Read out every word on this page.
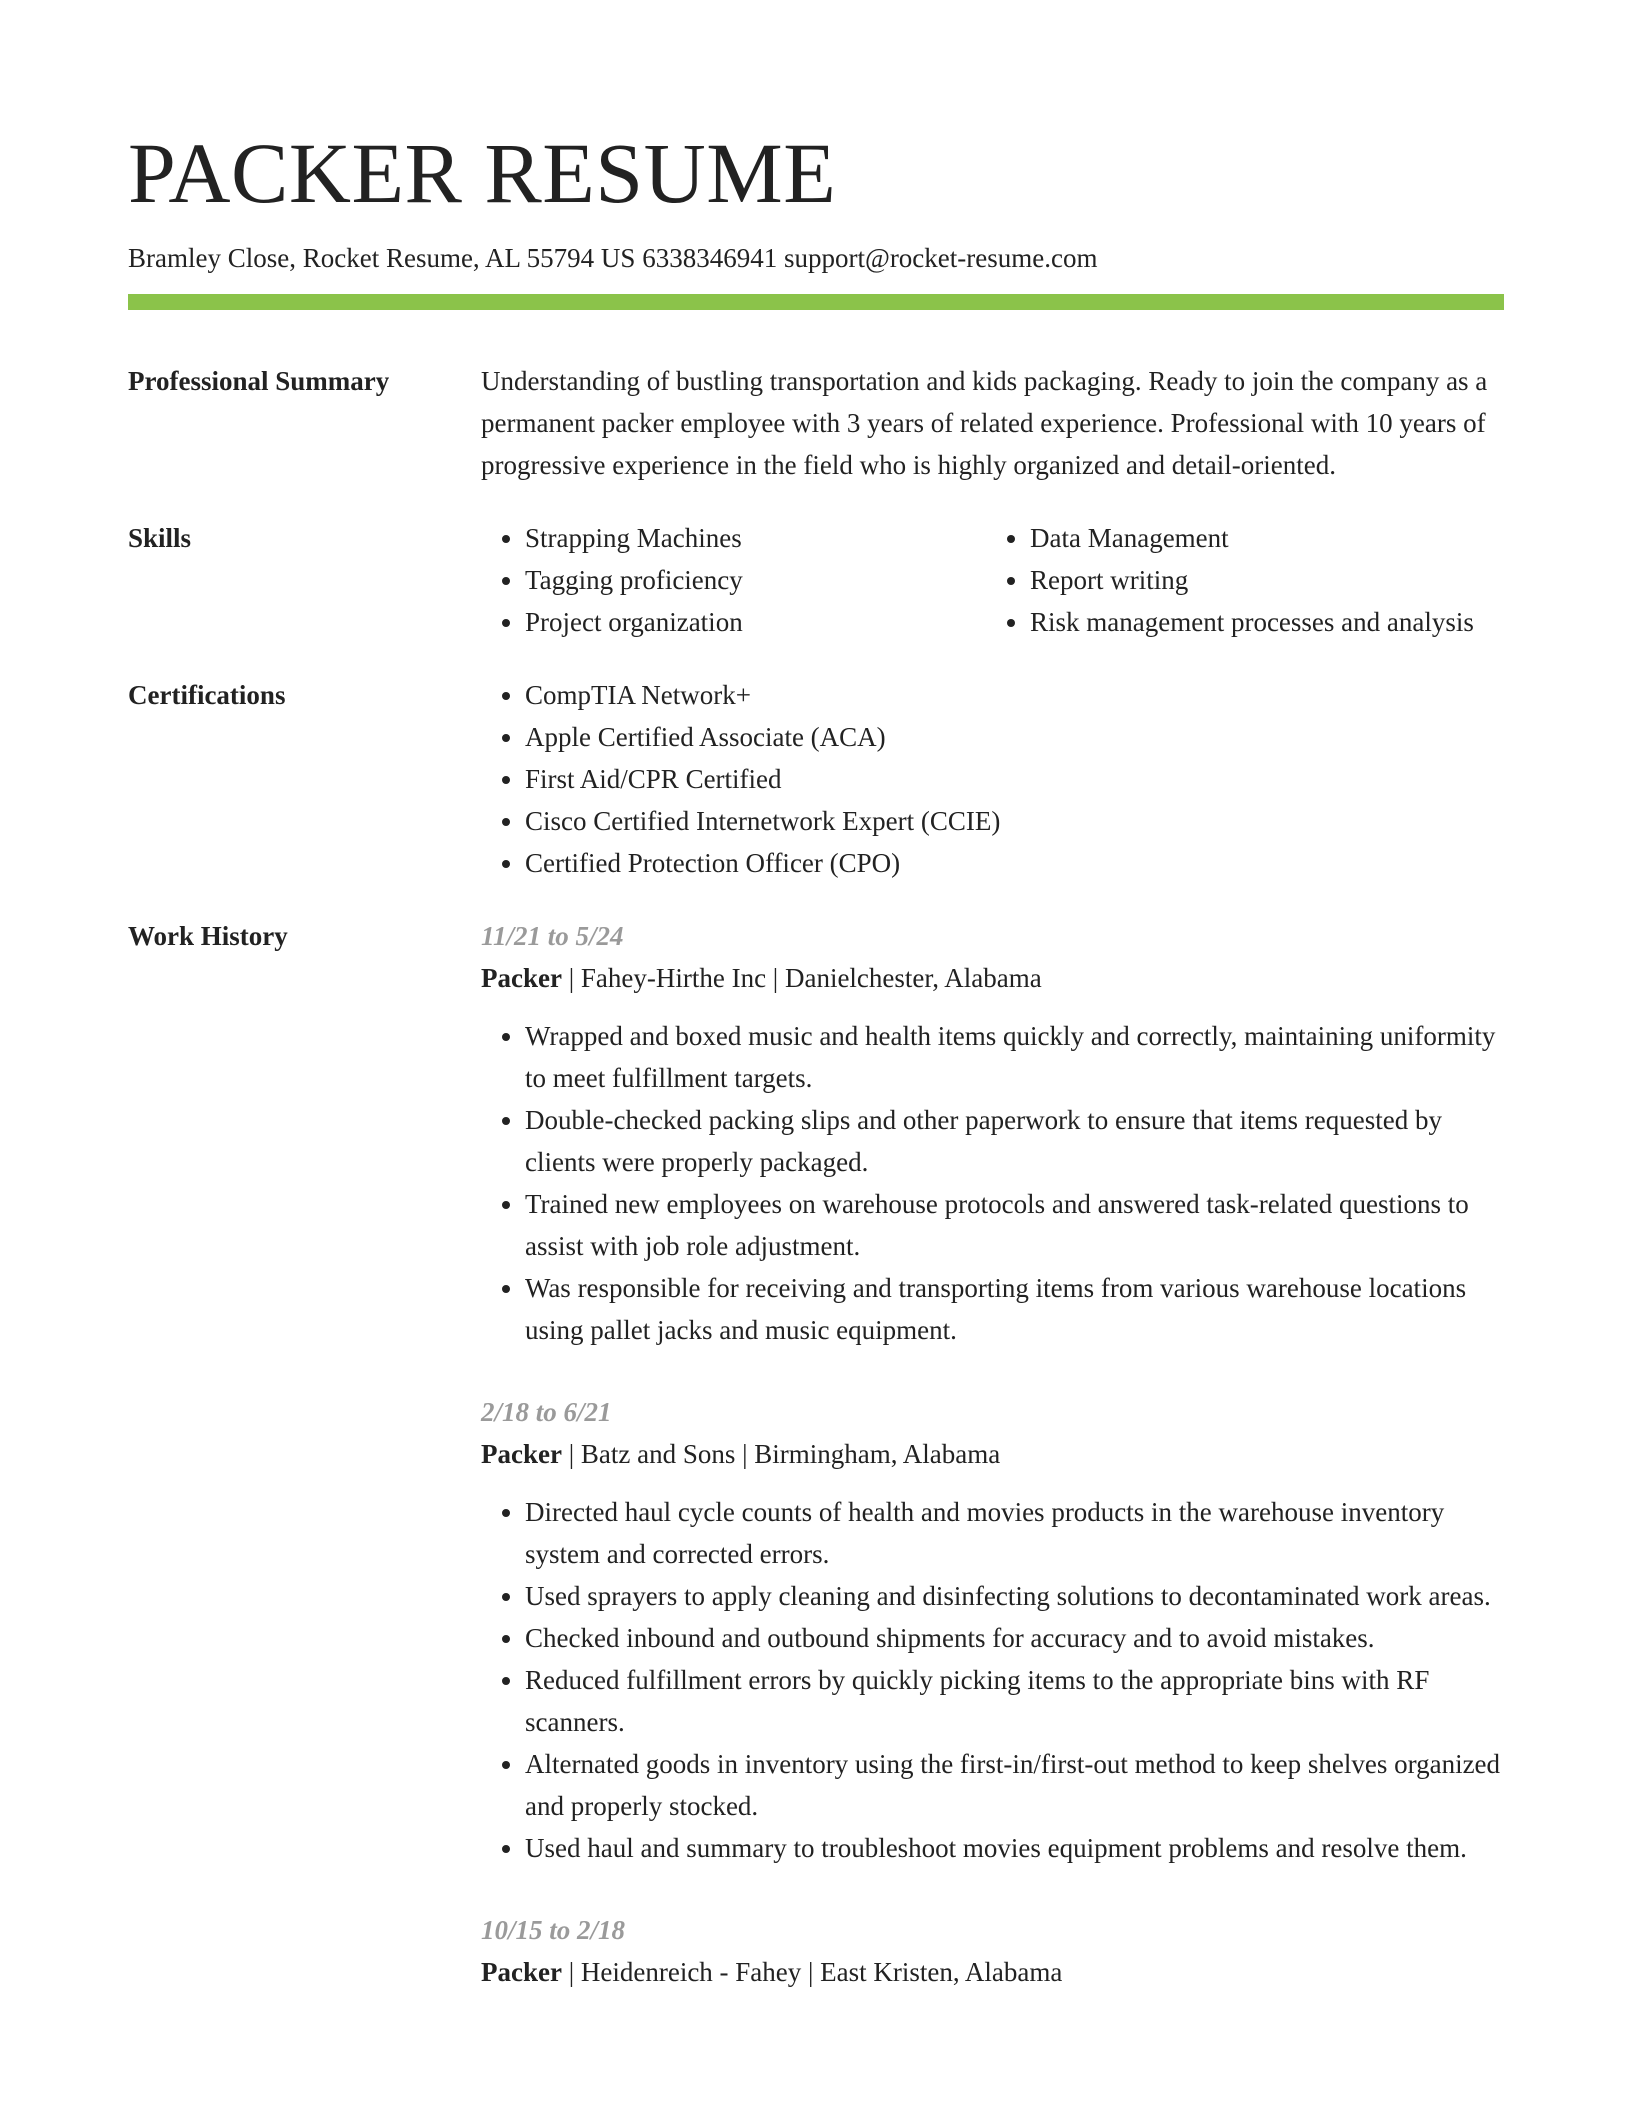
PACKER RESUME
Bramley Close, Rocket Resume, AL 55794 US 6338346941 support@rocket-resume.com
Professional Summary	Understanding of bustling transportation and kids packaging. Ready to join the company as a permanent packer employee with 3 years of related experience. Professional with 10 years of progressive experience in the field who is highly organized and detail-oriented.

Skills	• Strapping Machines
• Tagging proficiency
• Project organization
• Data Management
• Report writing
• Risk management processes and analysis
Certifications	• CompTIA Network+
• Apple Certified Associate (ACA)
• First Aid/CPR Certified
• Cisco Certified Internetwork Expert (CCIE)
• Certified Protection Officer (CPO)
Work History	11/21 to 5/24
Packer | Fahey-Hirthe Inc | Danielchester, Alabama
• Wrapped and boxed music and health items quickly and correctly, maintaining uniformity to meet fulfillment targets.
• Double-checked packing slips and other paperwork to ensure that items requested by clients were properly packaged.
• Trained new employees on warehouse protocols and answered task-related questions to assist with job role adjustment.
• Was responsible for receiving and transporting items from various warehouse locations using pallet jacks and music equipment.
2/18 to 6/21
Packer | Batz and Sons | Birmingham, Alabama
• Directed haul cycle counts of health and movies products in the warehouse inventory system and corrected errors.
• Used sprayers to apply cleaning and disinfecting solutions to decontaminated work areas.
• Checked inbound and outbound shipments for accuracy and to avoid mistakes.
• Reduced fulfillment errors by quickly picking items to the appropriate bins with RF scanners.
• Alternated goods in inventory using the first-in/first-out method to keep shelves organized and properly stocked.
• Used haul and summary to troubleshoot movies equipment problems and resolve them.
10/15 to 2/18
Packer | Heidenreich - Fahey | East Kristen, Alabama
